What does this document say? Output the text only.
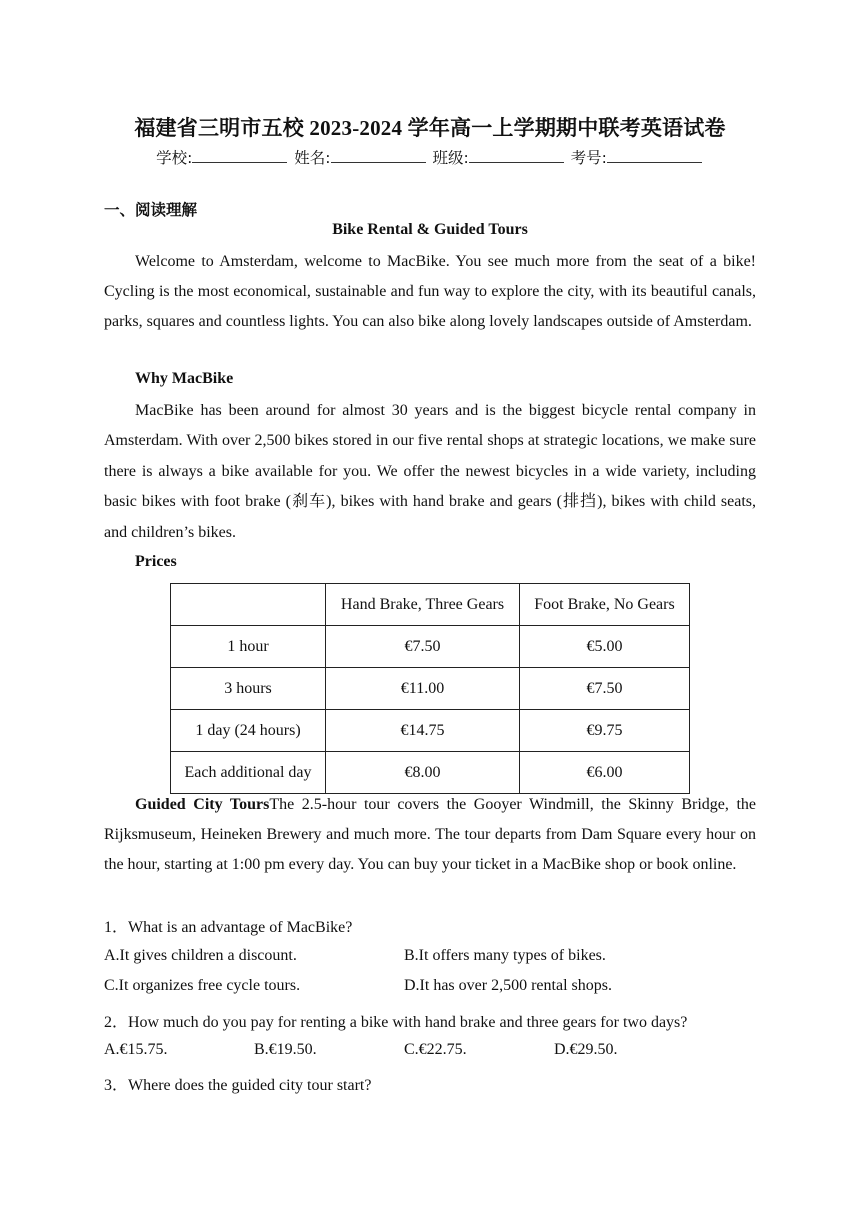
福建省三明市五校 2023-2024 学年高一上学期期中联考英语试卷
学校:	姓名:	班级:	考号:
一、阅读理解
Bike Rental & Guided Tours
Welcome to Amsterdam, welcome to MacBike. You see much more from the seat of a bike! Cycling is the most economical, sustainable and fun way to explore the city, with its beautiful canals, parks, squares and countless lights. You can also bike along lovely landscapes outside of Amsterdam.
Why MacBike
MacBike has been around for almost 30 years and is the biggest bicycle rental company in Amsterdam. With over 2,500 bikes stored in our five rental shops at strategic locations, we make sure there is always a bike available for you. We offer the newest bicycles in a wide variety, including basic bikes with foot brake (刹车), bikes with hand brake and gears (排挡), bikes with child seats, and children’s bikes.
Prices
	Hand Brake, Three Gears	Foot Brake, No Gears
1 hour	€7.50	€5.00
3 hours	€11.00	€7.50
1 day (24 hours)	€14.75	€9.75
Each additional day	€8.00	€6.00
Guided City ToursThe 2.5-hour tour covers the Gooyer Windmill, the Skinny Bridge, the Rijksmuseum, Heineken Brewery and much more. The tour departs from Dam Square every hour on the hour, starting at 1:00 pm every day. You can buy your ticket in a MacBike shop or book online.
1．What is an advantage of MacBike?
A.It gives children a discount.	B.It offers many types of bikes.
C.It organizes free cycle tours.	D.It has over 2,500 rental shops.
2．How much do you pay for renting a bike with hand brake and three gears for two days?
A.€15.75.	B.€19.50.	C.€22.75.	D.€29.50.
3．Where does the guided city tour start?
